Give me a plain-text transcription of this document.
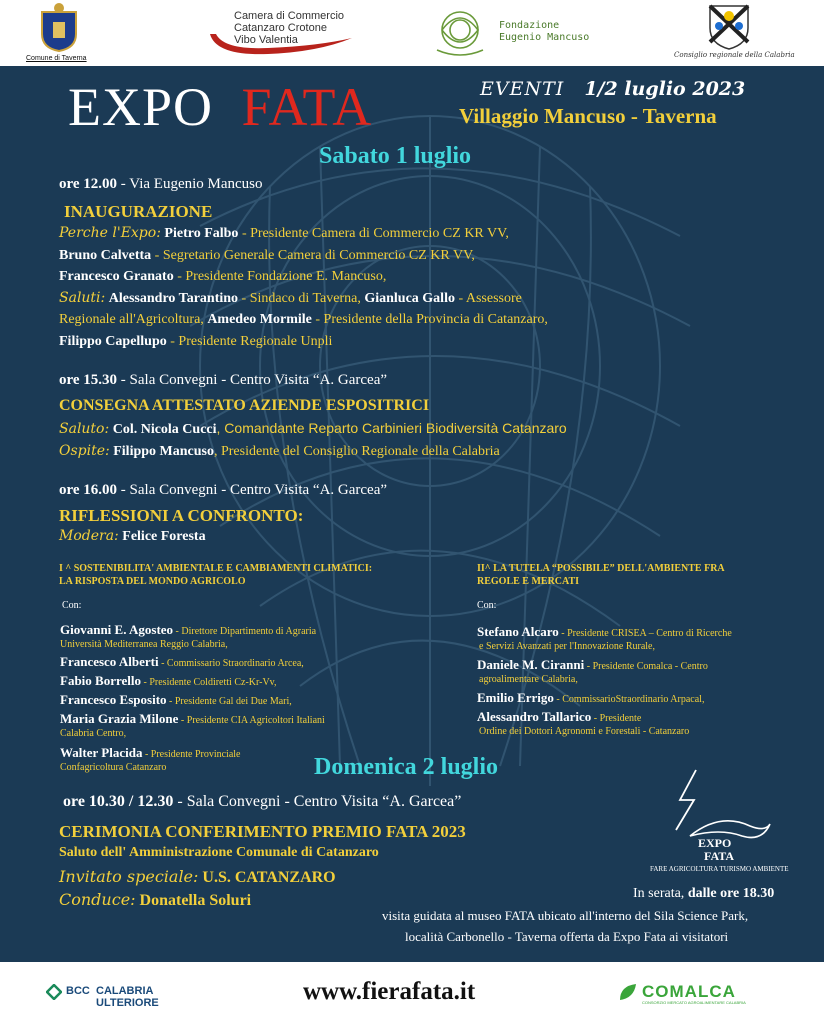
Comune di Taverna
Camera di Commercio
Catanzaro Crotone
Vibo Valentia
Fondazione
Eugenio Mancuso
Consiglio regionale della Calabria
EXPO FATA	EVENTI 1/2 luglio 2023
Villaggio Mancuso - Taverna
Sabato 1 luglio
ore 12.00 - Via Eugenio Mancuso
INAUGURAZIONE
Perche l'Expo: Pietro Falbo - Presidente Camera di Commercio CZ KR VV,
Bruno Calvetta - Segretario Generale Camera di Commercio CZ KR VV,
Francesco Granato - Presidente Fondazione E. Mancuso,
Saluti: Alessandro Tarantino - Sindaco di Taverna, Gianluca Gallo - Assessore
Regionale all'Agricoltura, Amedeo Mormile - Presidente della Provincia di Catanzaro,
Filippo Capellupo - Presidente Regionale Unpli
ore 15.30 - Sala Convegni - Centro Visita “A. Garcea”
CONSEGNA ATTESTATO AZIENDE ESPOSITRICI
Saluto: Col. Nicola Cucci, Comandante Reparto Carbinieri Biodiversità Catanzaro
Ospite: Filippo Mancuso, Presidente del Consiglio Regionale della Calabria
ore 16.00 - Sala Convegni - Centro Visita “A. Garcea”
RIFLESSIONI A CONFRONTO:
Modera: Felice Foresta
I ^ SOSTENIBILITA' AMBIENTALE E CAMBIAMENTI CLIMATICI:
LA RISPOSTA DEL MONDO AGRICOLO
Con:
Giovanni E. Agosteo - Direttore Dipartimento di Agraria
Università Mediterranea Reggio Calabria,
Francesco Alberti - Commissario Straordinario Arcea,
Fabio Borrello - Presidente Coldiretti Cz-Kr-Vv,
Francesco Esposito - Presidente Gal dei Due Mari,
Maria Grazia Milone - Presidente CIA Agricoltori Italiani
Calabria Centro,
Walter Placida - Presidente Provinciale
Confagricoltura Catanzaro
II^ LA TUTELA “POSSIBILE” DELL'AMBIENTE FRA
REGOLE E MERCATI
Con:
Stefano Alcaro - Presidente CRISEA – Centro di Ricerche
e Servizi Avanzati per l'Innovazione Rurale,
Daniele M. Ciranni - Presidente Comalca - Centro
agroalimentare Calabria,
Emilio Errigo - CommissarioStraordinario Arpacal,
Alessandro Tallarico - Presidente
Ordine dei Dottori Agronomi e Forestali - Catanzaro
Domenica 2 luglio
ore 10.30 / 12.30 - Sala Convegni - Centro Visita “A. Garcea”
CERIMONIA CONFERIMENTO PREMIO FATA 2023
Saluto dell' Amministrazione Comunale di Catanzaro
Invitato speciale: U.S. CATANZARO
Conduce: Donatella Soluri
EXPO
FATA
FARE AGRICOLTURA TURISMO AMBIENTE
In serata, dalle ore 18.30
visita guidata al museo FATA ubicato all'interno del Sila Science Park,
località Carbonello - Taverna offerta da Expo Fata ai visitatori
BCC CALABRIA
ULTERIORE	www.fierafata.it	COMALCA
CONSORZIO MERCATO AGROALIMENTARE CALABRIA
